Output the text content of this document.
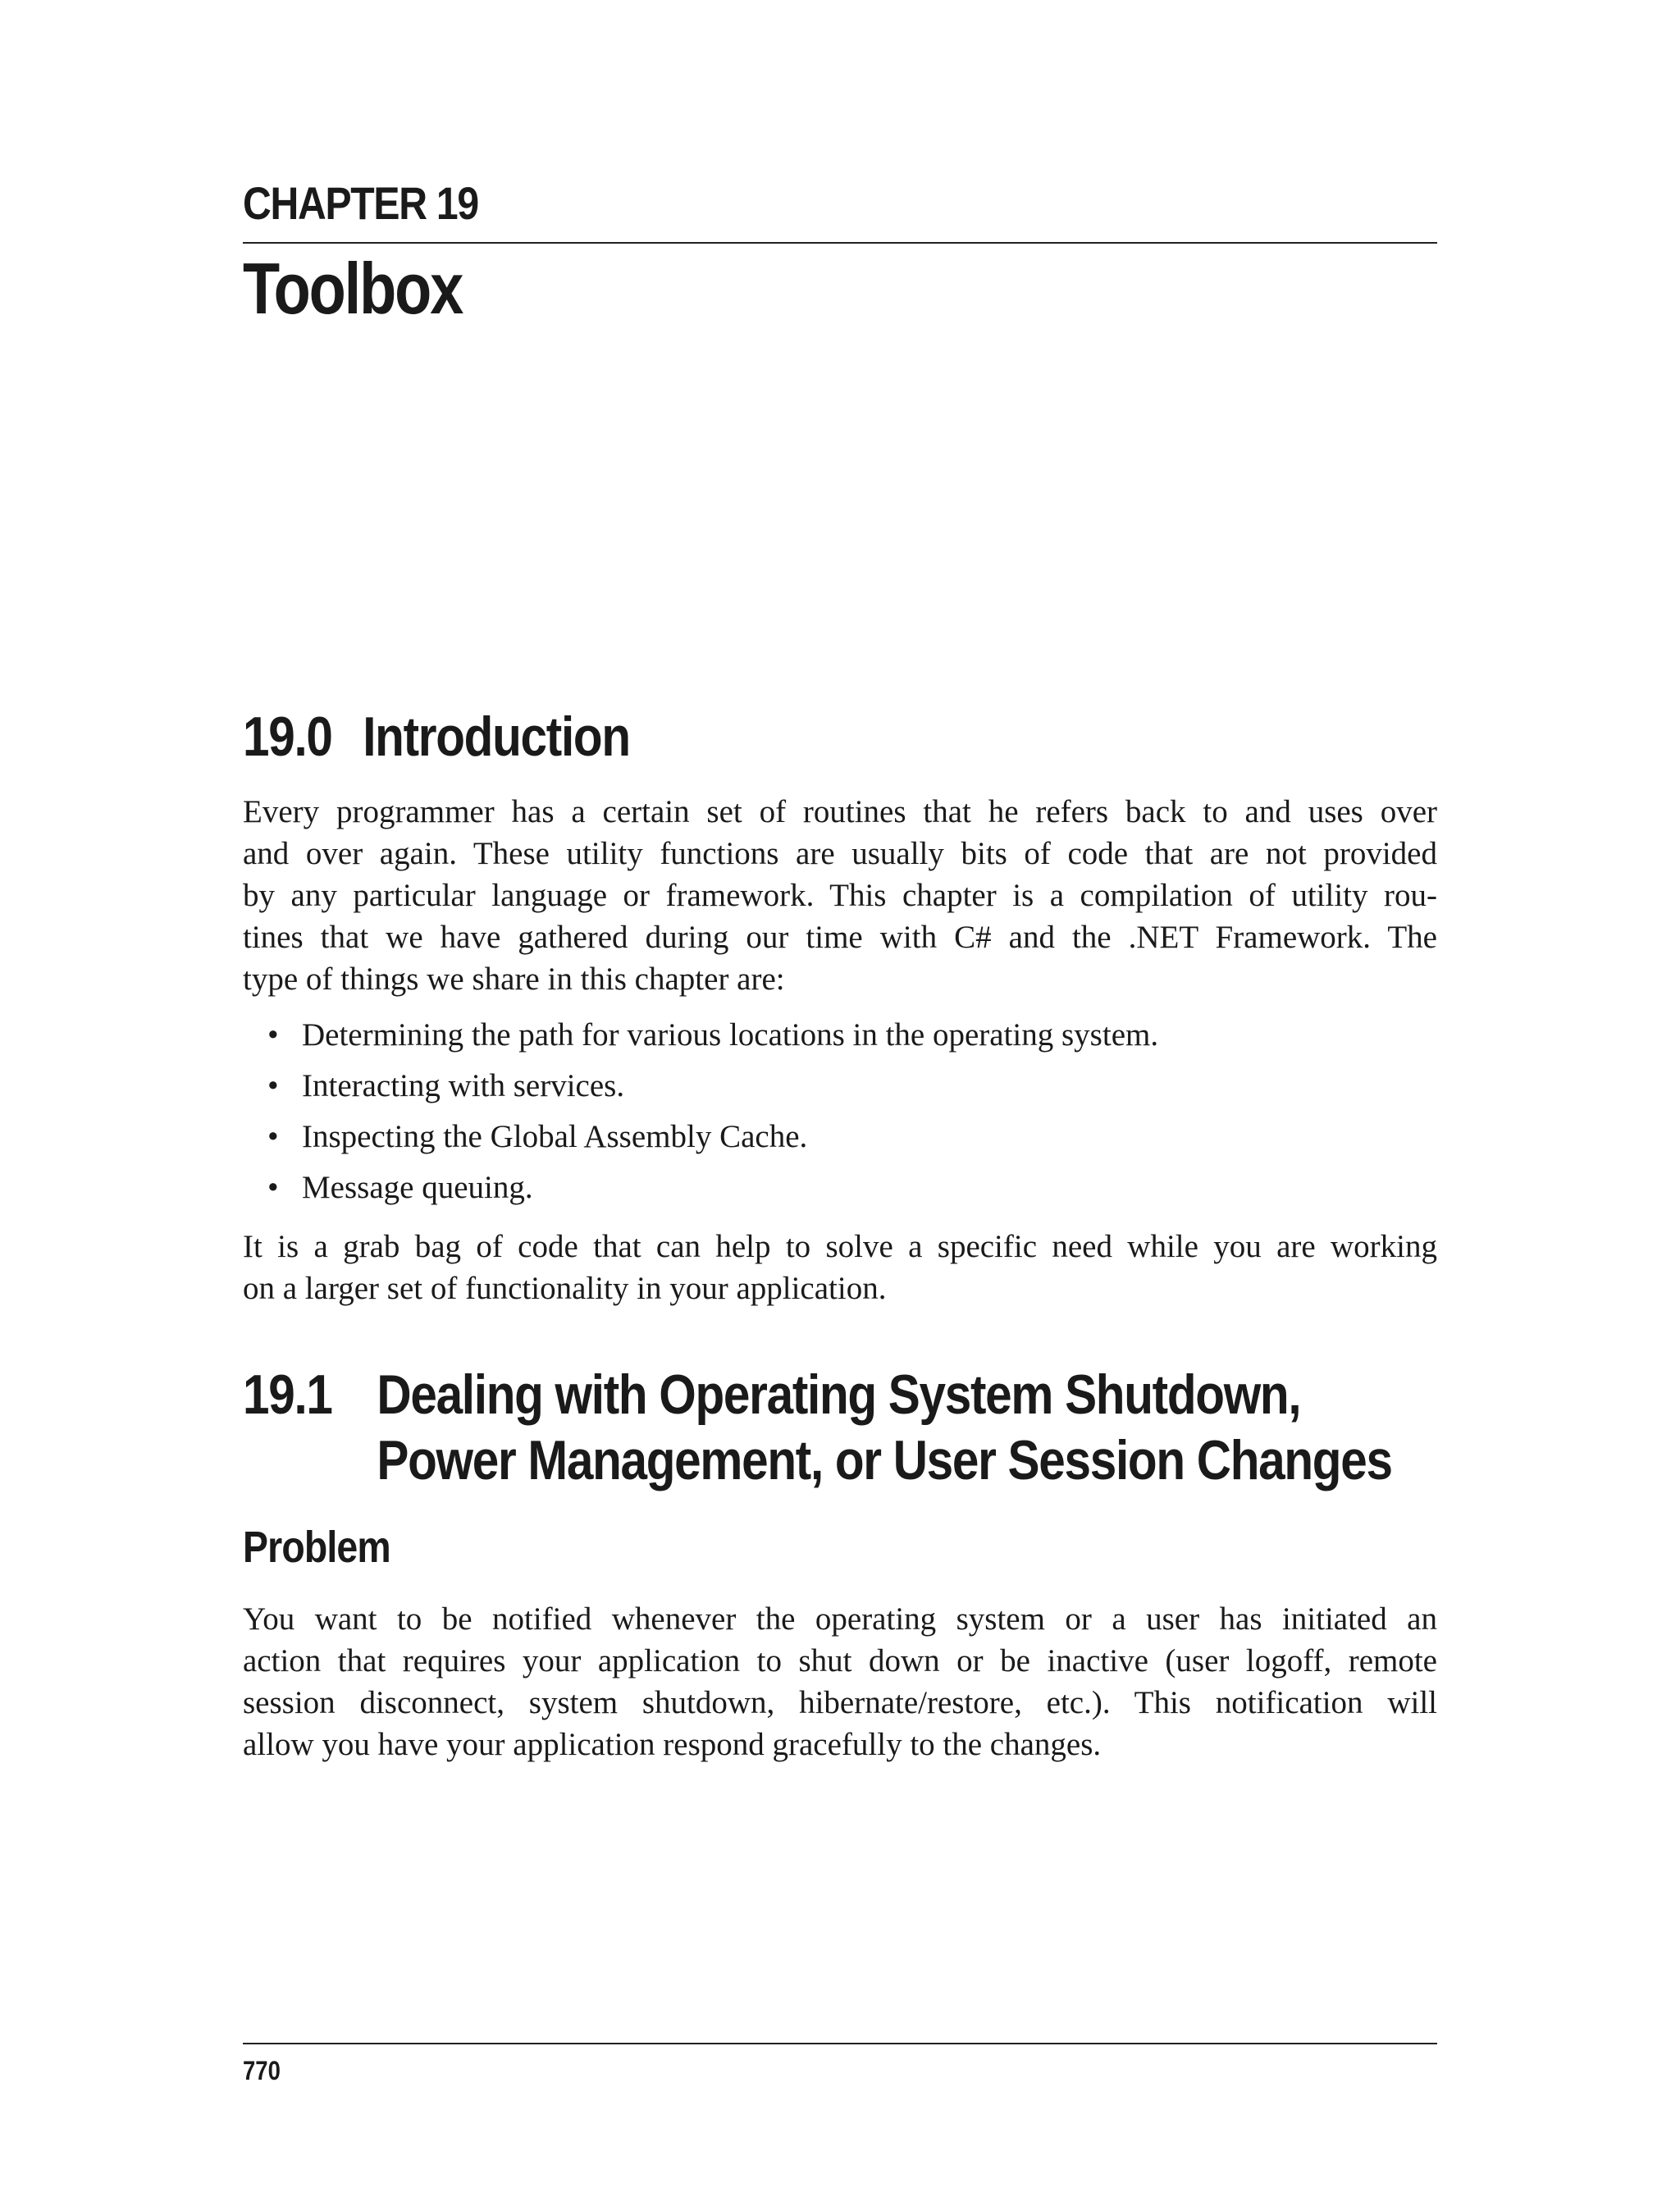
CHAPTER 19
Toolbox
19.0 Introduction
Every programmer has a certain set of routines that he refers back to and uses over
and over again. These utility functions are usually bits of code that are not provided
by any particular language or framework. This chapter is a compilation of utility rou-
tines that we have gathered during our time with C# and the .NET Framework. The
type of things we share in this chapter are:
• Determining the path for various locations in the operating system.
• Interacting with services.
• Inspecting the Global Assembly Cache.
• Message queuing.
It is a grab bag of code that can help to solve a specific need while you are working
on a larger set of functionality in your application.
19.1 Dealing with Operating System Shutdown,
Power Management, or User Session Changes
Problem
You want to be notified whenever the operating system or a user has initiated an
action that requires your application to shut down or be inactive (user logoff, remote
session disconnect, system shutdown, hibernate/restore, etc.). This notification will
allow you have your application respond gracefully to the changes.
770
